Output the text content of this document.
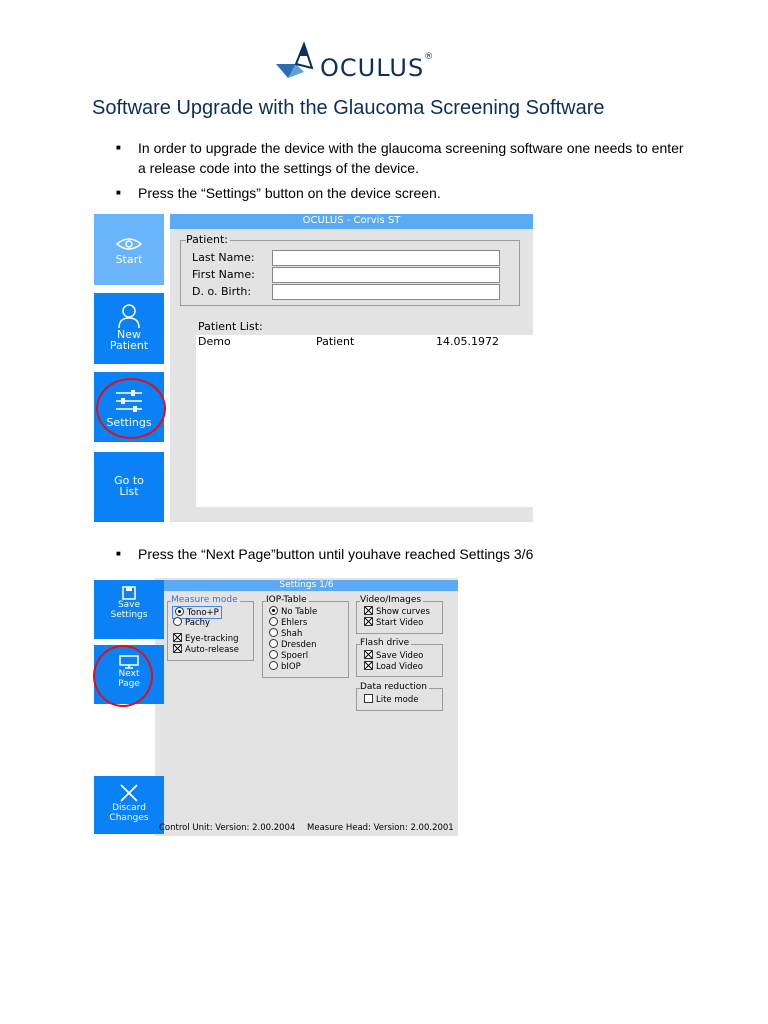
OCULUS®
Software Upgrade with the Glaucoma Screening Software
■ In order to upgrade the device with the glaucoma screening software one needs to enter
a release code into the settings of the device.
■ Press the “Settings” button on the device screen.
OCULUS - Corvis ST
Start
New
Patient
Settings
Go to
List
Patient:
Last Name:
First Name:
D. o. Birth:
Patient List:
Demo	Patient	14.05.1972
■ Press the “Next Page”button until youhave reached Settings 3/6
Settings 1/6
Save
Settings
Next
Page
Discard
Changes
Measure mode
Tono+P
Pachy
Eye-tracking
Auto-release
IOP-Table
No Table
Ehlers
Shah
Dresden
Spoerl
bIOP
Video/Images
Show curves
Start Video
Flash drive
Save Video
Load Video
Data reduction
Lite mode
Control Unit: Version: 2.00.2004 Measure Head: Version: 2.00.2001
